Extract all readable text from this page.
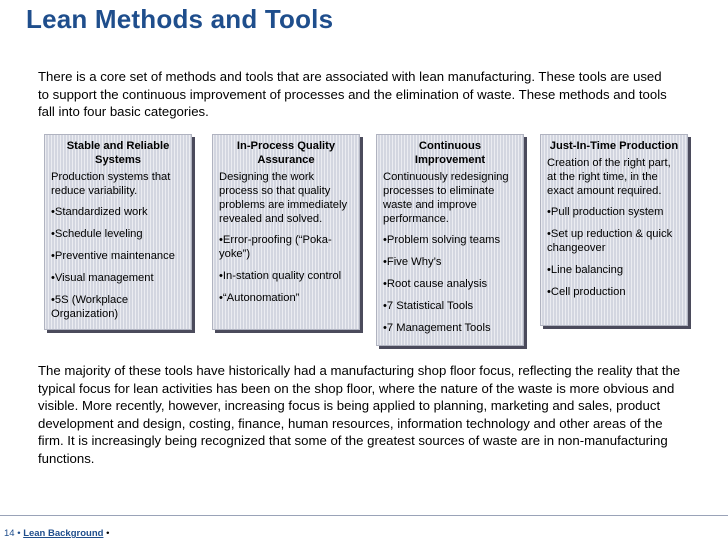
Lean Methods and Tools
There is a core set of methods and tools that are associated with lean manufacturing. These tools are used to support the continuous improvement of processes and the elimination of waste. These methods and tools fall into four basic categories.
Stable and Reliable Systems
Production systems that reduce variability.
• Standardized work
• Schedule leveling
• Preventive maintenance
• Visual management
• 5S (Workplace Organization)
In-Process Quality Assurance
Designing the work process so that quality problems are immediately revealed and solved.
• Error-proofing (“Poka-yoke”)
• In-station quality control
• “Autonomation”
Continuous Improvement
Continuously redesigning processes to eliminate waste and improve performance.
• Problem solving teams
• Five Why’s
• Root cause analysis
• 7 Statistical Tools
• 7 Management Tools
Just-In-Time Production
Creation of the right part, at the right time, in the exact amount required.
• Pull production system
• Set up reduction & quick changeover
• Line balancing
• Cell production
The majority of these tools have historically had a manufacturing shop floor focus, reflecting the reality that the typical focus for lean activities has been on the shop floor, where the nature of the waste is more obvious and visible. More recently, however, increasing focus is being applied to planning, marketing and sales, product development and design, costing, finance, human resources, information technology and other areas of the firm. It is increasingly being recognized that some of the greatest sources of waste are in non-manufacturing functions.
14 • Lean Background •
